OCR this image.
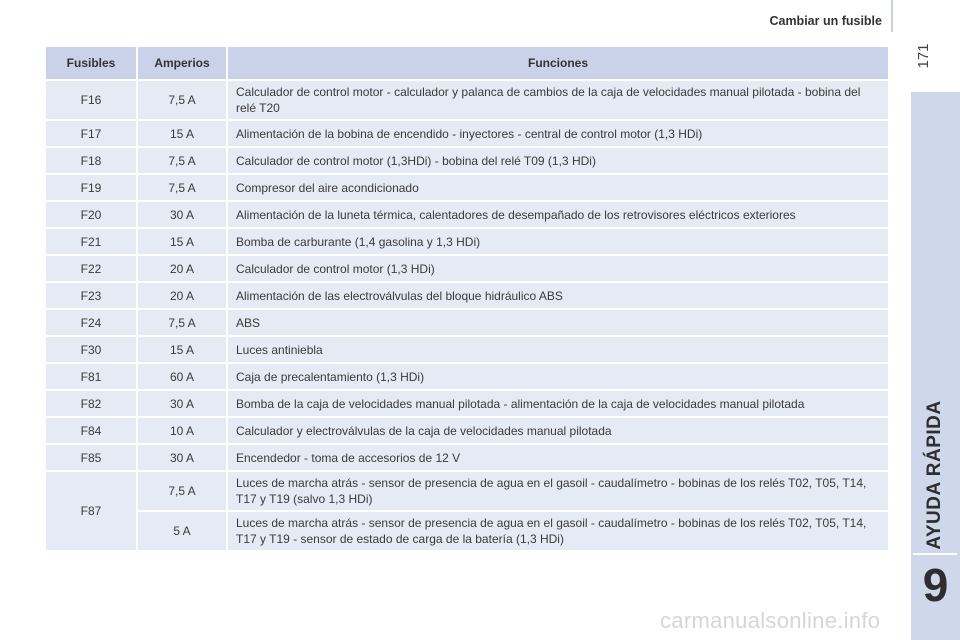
Cambiar un fusible
171
AYUDA RÁPIDA
9
Fusibles	Amperios	Funciones
F16	7,5 A	Calculador de control motor - calculador y palanca de cambios de la caja de velocidades manual pilotada - bobina del relé T20
F17	15 A	Alimentación de la bobina de encendido - inyectores - central de control motor (1,3 HDi)
F18	7,5 A	Calculador de control motor (1,3HDi) - bobina del relé T09 (1,3 HDi)
F19	7,5 A	Compresor del aire acondicionado
F20	30 A	Alimentación de la luneta térmica, calentadores de desempañado de los retrovisores eléctricos exteriores
F21	15 A	Bomba de carburante (1,4 gasolina y 1,3 HDi)
F22	20 A	Calculador de control motor (1,3 HDi)
F23	20 A	Alimentación de las electroválvulas del bloque hidráulico ABS
F24	7,5 A	ABS
F30	15 A	Luces antiniebla
F81	60 A	Caja de precalentamiento (1,3 HDi)
F82	30 A	Bomba de la caja de velocidades manual pilotada - alimentación de la caja de velocidades manual pilotada
F84	10 A	Calculador y electroválvulas de la caja de velocidades manual pilotada
F85	30 A	Encendedor - toma de accesorios de 12 V
F87	7,5 A	Luces de marcha atrás - sensor de presencia de agua en el gasoil - caudalímetro - bobinas de los relés T02, T05, T14, T17 y T19 (salvo 1,3 HDi)
	5 A	Luces de marcha atrás - sensor de presencia de agua en el gasoil - caudalímetro - bobinas de los relés T02, T05, T14, T17 y T19 - sensor de estado de carga de la batería (1,3 HDi)
carmanualsonline.info
